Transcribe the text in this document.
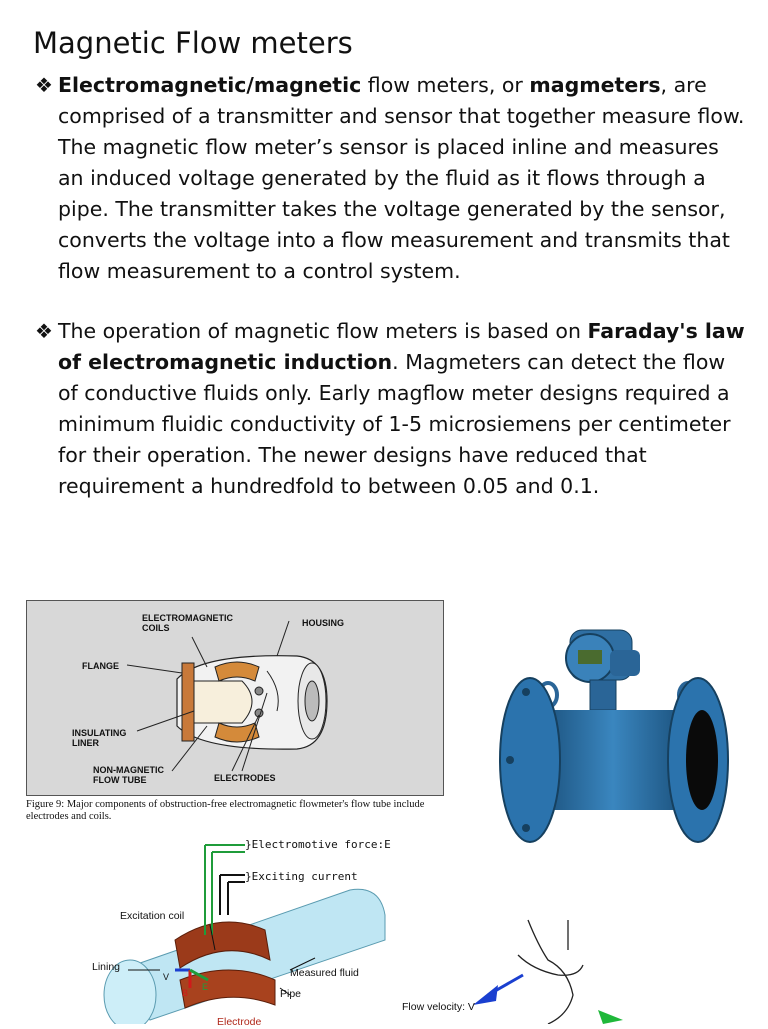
Magnetic Flow meters
❖ Electromagnetic/magnetic flow meters, or magmeters, are comprised of a transmitter and sensor that together measure flow. The magnetic flow meter’s sensor is placed inline and measures an induced voltage generated by the fluid as it flows through a pipe. The transmitter takes the voltage generated by the sensor, converts the voltage into a flow measurement and transmits that flow measurement to a control system.
❖ The operation of magnetic flow meters is based on Faraday's law of electromagnetic induction. Magmeters can detect the flow of conductive fluids only. Early magflow meter designs required a minimum fluidic conductivity of 1-5 microsiemens per centimeter for their operation. The newer designs have reduced that requirement a hundredfold to between 0.05 and 0.1.
ELECTROMAGNETIC COILS	HOUSING
FLANGE
INSULATING LINER
NON-MAGNETIC FLOW TUBE	ELECTRODES
Figure 9: Major components of obstruction-free electromagnetic flowmeter's flow tube include electrodes and coils.
}Electromotive force:E
}Exciting current
Excitation coil
Lining	Measured fluid
Pipe
Electrode
V
B
E
Flow velocity: V
